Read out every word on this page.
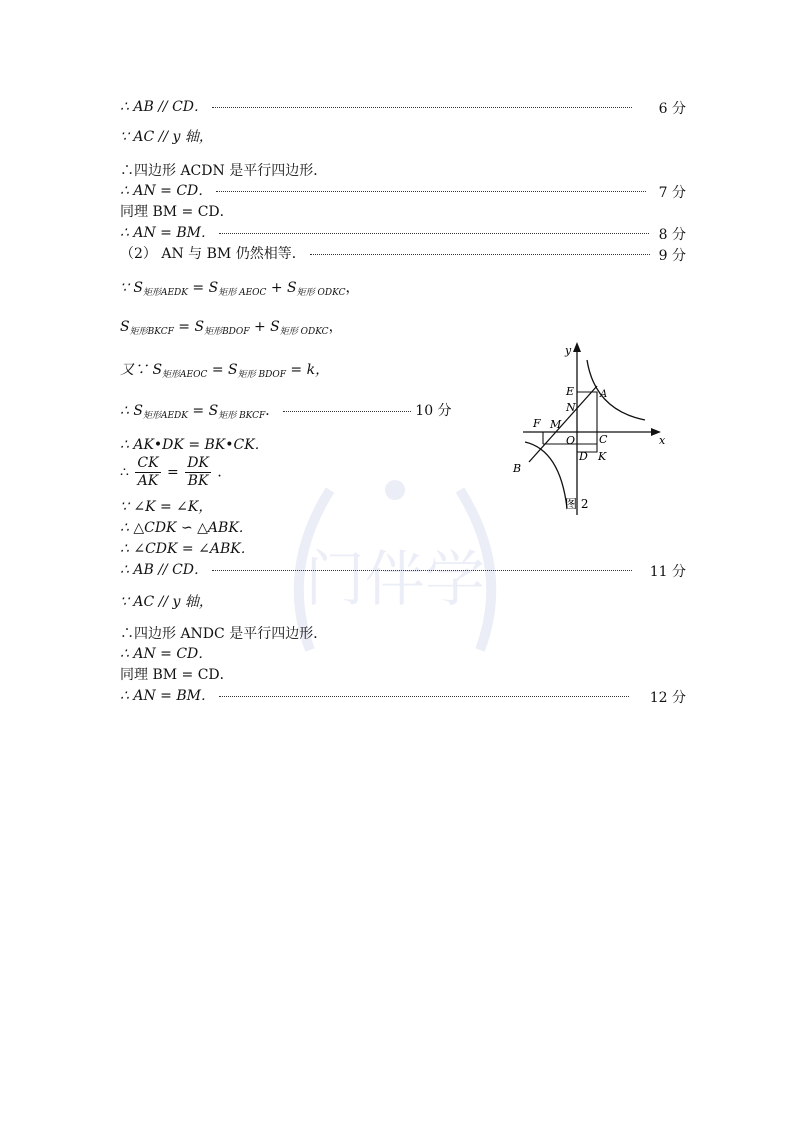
门伴学
∴ AB // CD．	6 分
∵ AC // y 轴，
∴四边形 ACDN 是平行四边形．
∴ AN = CD．	7 分
同理 BM = CD．
∴ AN = BM．	8 分
（2） AN 与 BM 仍然相等．	9 分
∵ $S_{矩形AEDK} = S_{矩形 AEOC} + S_{矩形 ODKC}$，
$S_{矩形BKCF} = S_{矩形BDOF} + S_{矩形 ODKC}$，
又∵ $S_{矩形AEOC} = S_{矩形 BDOF} = k$，
∴ $S_{矩形AEDK} = S_{矩形 BKCF}$．	10 分
∴ AK•DK = BK•CK．
∴ $\frac{CK}{AK} = \frac{DK}{BK}$ ．
∵ ∠K = ∠K，
∴ △CDK ∽ △ABK．
∴ ∠CDK = ∠ABK．
∴ AB // CD．	11 分
∵ AC // y 轴，
∴四边形 ANDC 是平行四边形．
∴ AN = CD．
同理 BM = CD．
∴ AN = BM．	12 分
y
x
E	A
N
F M
O C
D K
B
图 2
